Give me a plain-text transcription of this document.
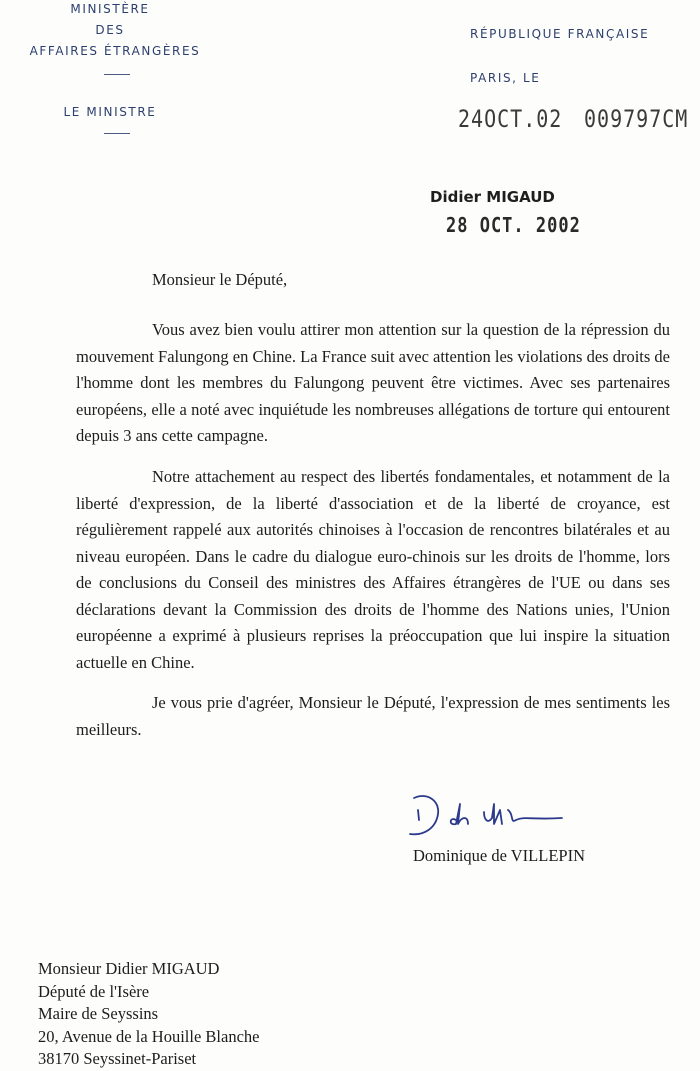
MINISTÈRE
DES
AFFAIRES ÉTRANGÈRES
LE MINISTRE
RÉPUBLIQUE FRANÇAISE
PARIS, LE
24OCT.02 009797CM
Didier MIGAUD
28 OCT. 2002
Monsieur le Député,

Vous avez bien voulu attirer mon attention sur la question de la répression du mouvement Falungong en Chine. La France suit avec attention les violations des droits de l'homme dont les membres du Falungong peuvent être victimes. Avec ses partenaires européens, elle a noté avec inquiétude les nombreuses allégations de torture qui entourent depuis 3 ans cette campagne.

Notre attachement au respect des libertés fondamentales, et notamment de la liberté d'expression, de la liberté d'association et de la liberté de croyance, est régulièrement rappelé aux autorités chinoises à l'occasion de rencontres bilatérales et au niveau européen. Dans le cadre du dialogue euro-chinois sur les droits de l'homme, lors de conclusions du Conseil des ministres des Affaires étrangères de l'UE ou dans ses déclarations devant la Commission des droits de l'homme des Nations unies, l'Union européenne a exprimé à plusieurs reprises la préoccupation que lui inspire la situation actuelle en Chine.

Je vous prie d'agréer, Monsieur le Député, l'expression de mes sentiments les meilleurs.

Dominique de VILLEPIN
Monsieur Didier MIGAUD
Député de l'Isère
Maire de Seyssins
20, Avenue de la Houille Blanche
38170 Seyssinet-Pariset
